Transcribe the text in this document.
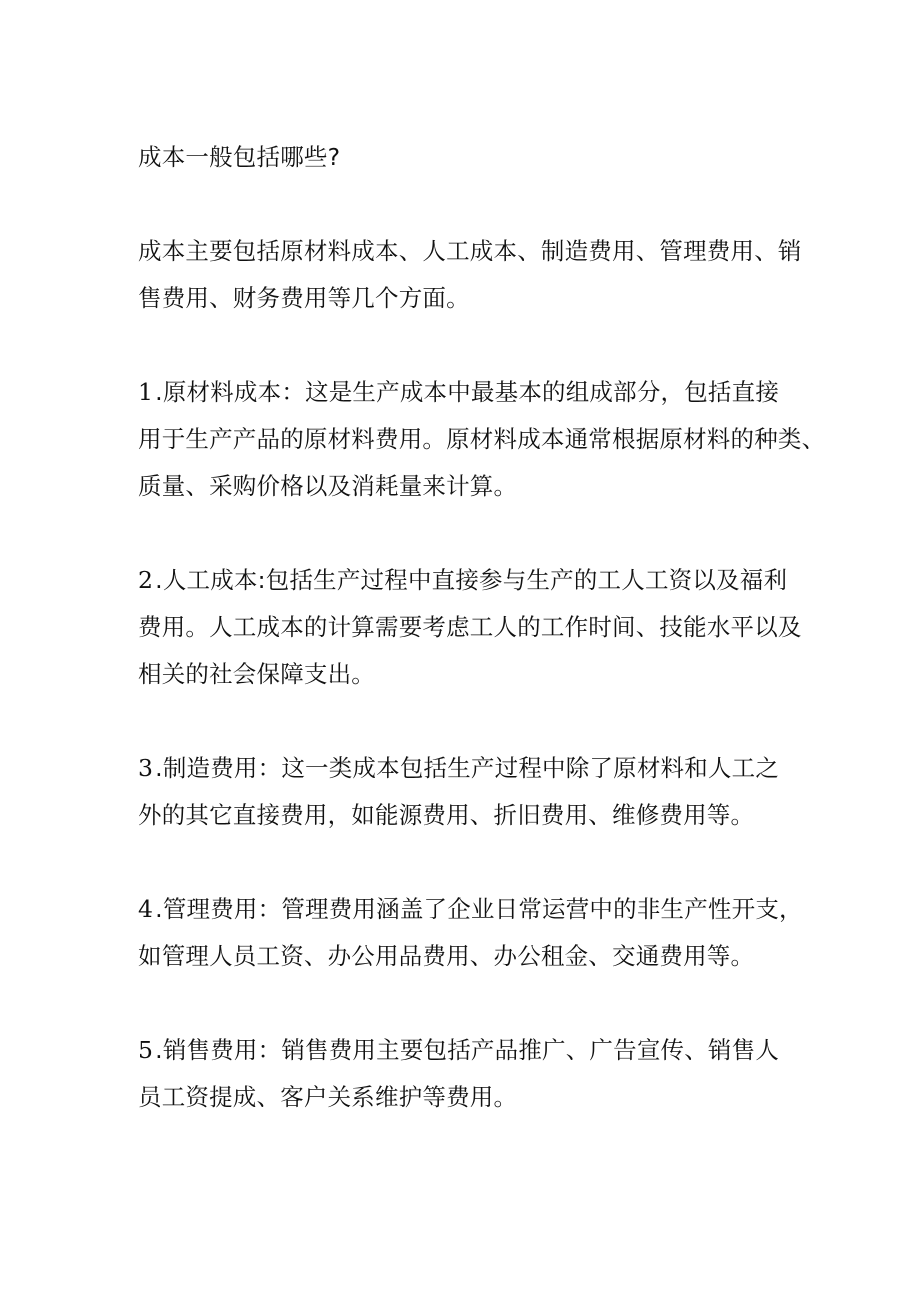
成本一般包括哪些?

成本主要包括原材料成本、人工成本、制造费用、管理费用、销
售费用、财务费用等几个方面。

1.原材料成本：这是生产成本中最基本的组成部分，包括直接
用于生产产品的原材料费用。原材料成本通常根据原材料的种类、
质量、采购价格以及消耗量来计算。

2.人工成本:包括生产过程中直接参与生产的工人工资以及福利
费用。人工成本的计算需要考虑工人的工作时间、技能水平以及
相关的社会保障支出。

3.制造费用：这一类成本包括生产过程中除了原材料和人工之
外的其它直接费用，如能源费用、折旧费用、维修费用等。

4.管理费用：管理费用涵盖了企业日常运营中的非生产性开支，
如管理人员工资、办公用品费用、办公租金、交通费用等。

5.销售费用：销售费用主要包括产品推广、广告宣传、销售人
员工资提成、客户关系维护等费用。
